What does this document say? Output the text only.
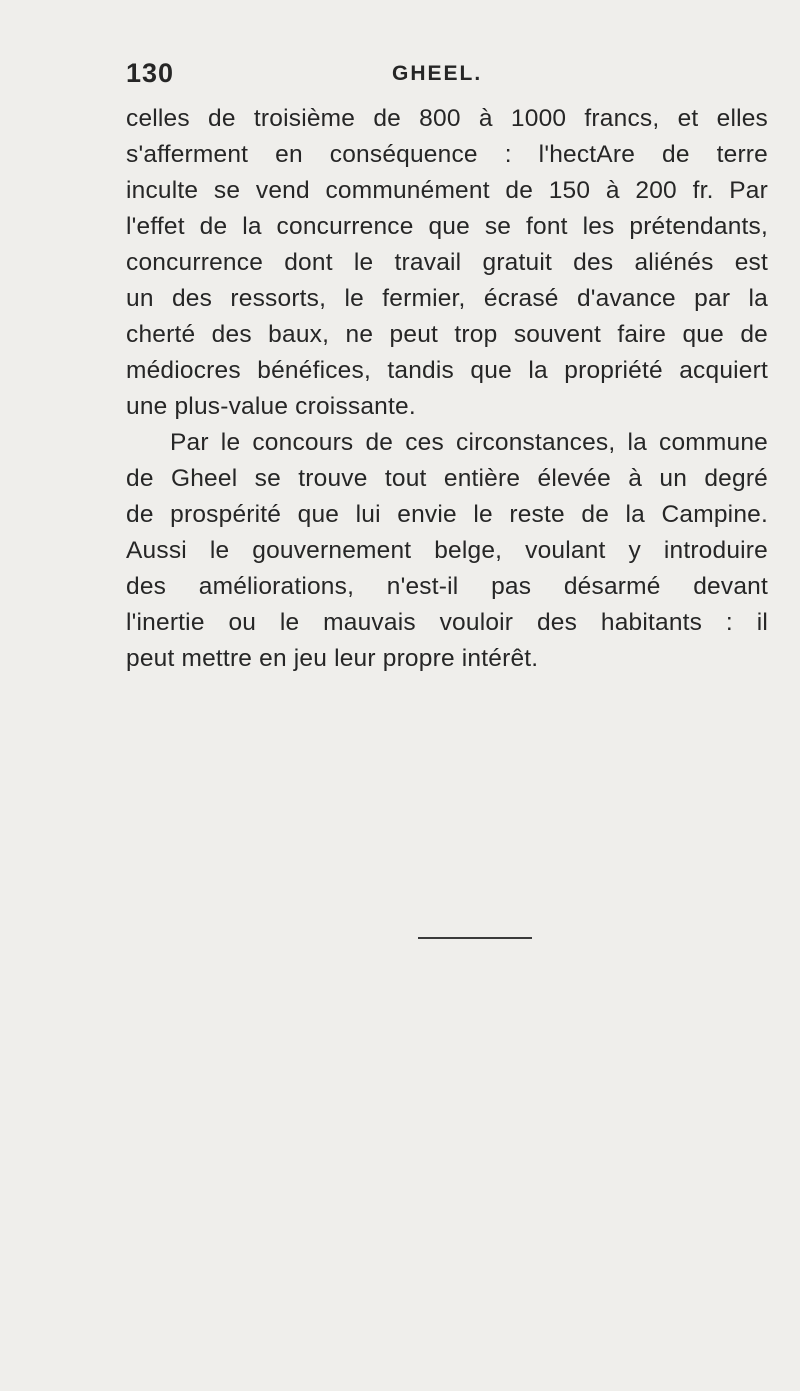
130	GHEEL.
celles de troisième de 800 à 1000 francs, et elles
s'afferment en conséquence : l'hectAre de terre
inculte se vend communément de 150 à 200 fr. Par
l'effet de la concurrence que se font les prétendants,
concurrence dont le travail gratuit des aliénés est
un des ressorts, le fermier, écrasé d'avance par la
cherté des baux, ne peut trop souvent faire que de
médiocres bénéfices, tandis que la propriété acquiert
une plus-value croissante.
Par le concours de ces circonstances, la commune
de Gheel se trouve tout entière élevée à un degré
de prospérité que lui envie le reste de la Campine.
Aussi le gouvernement belge, voulant y introduire
des améliorations, n'est-il pas désarmé devant
l'inertie ou le mauvais vouloir des habitants : il
peut mettre en jeu leur propre intérêt.
